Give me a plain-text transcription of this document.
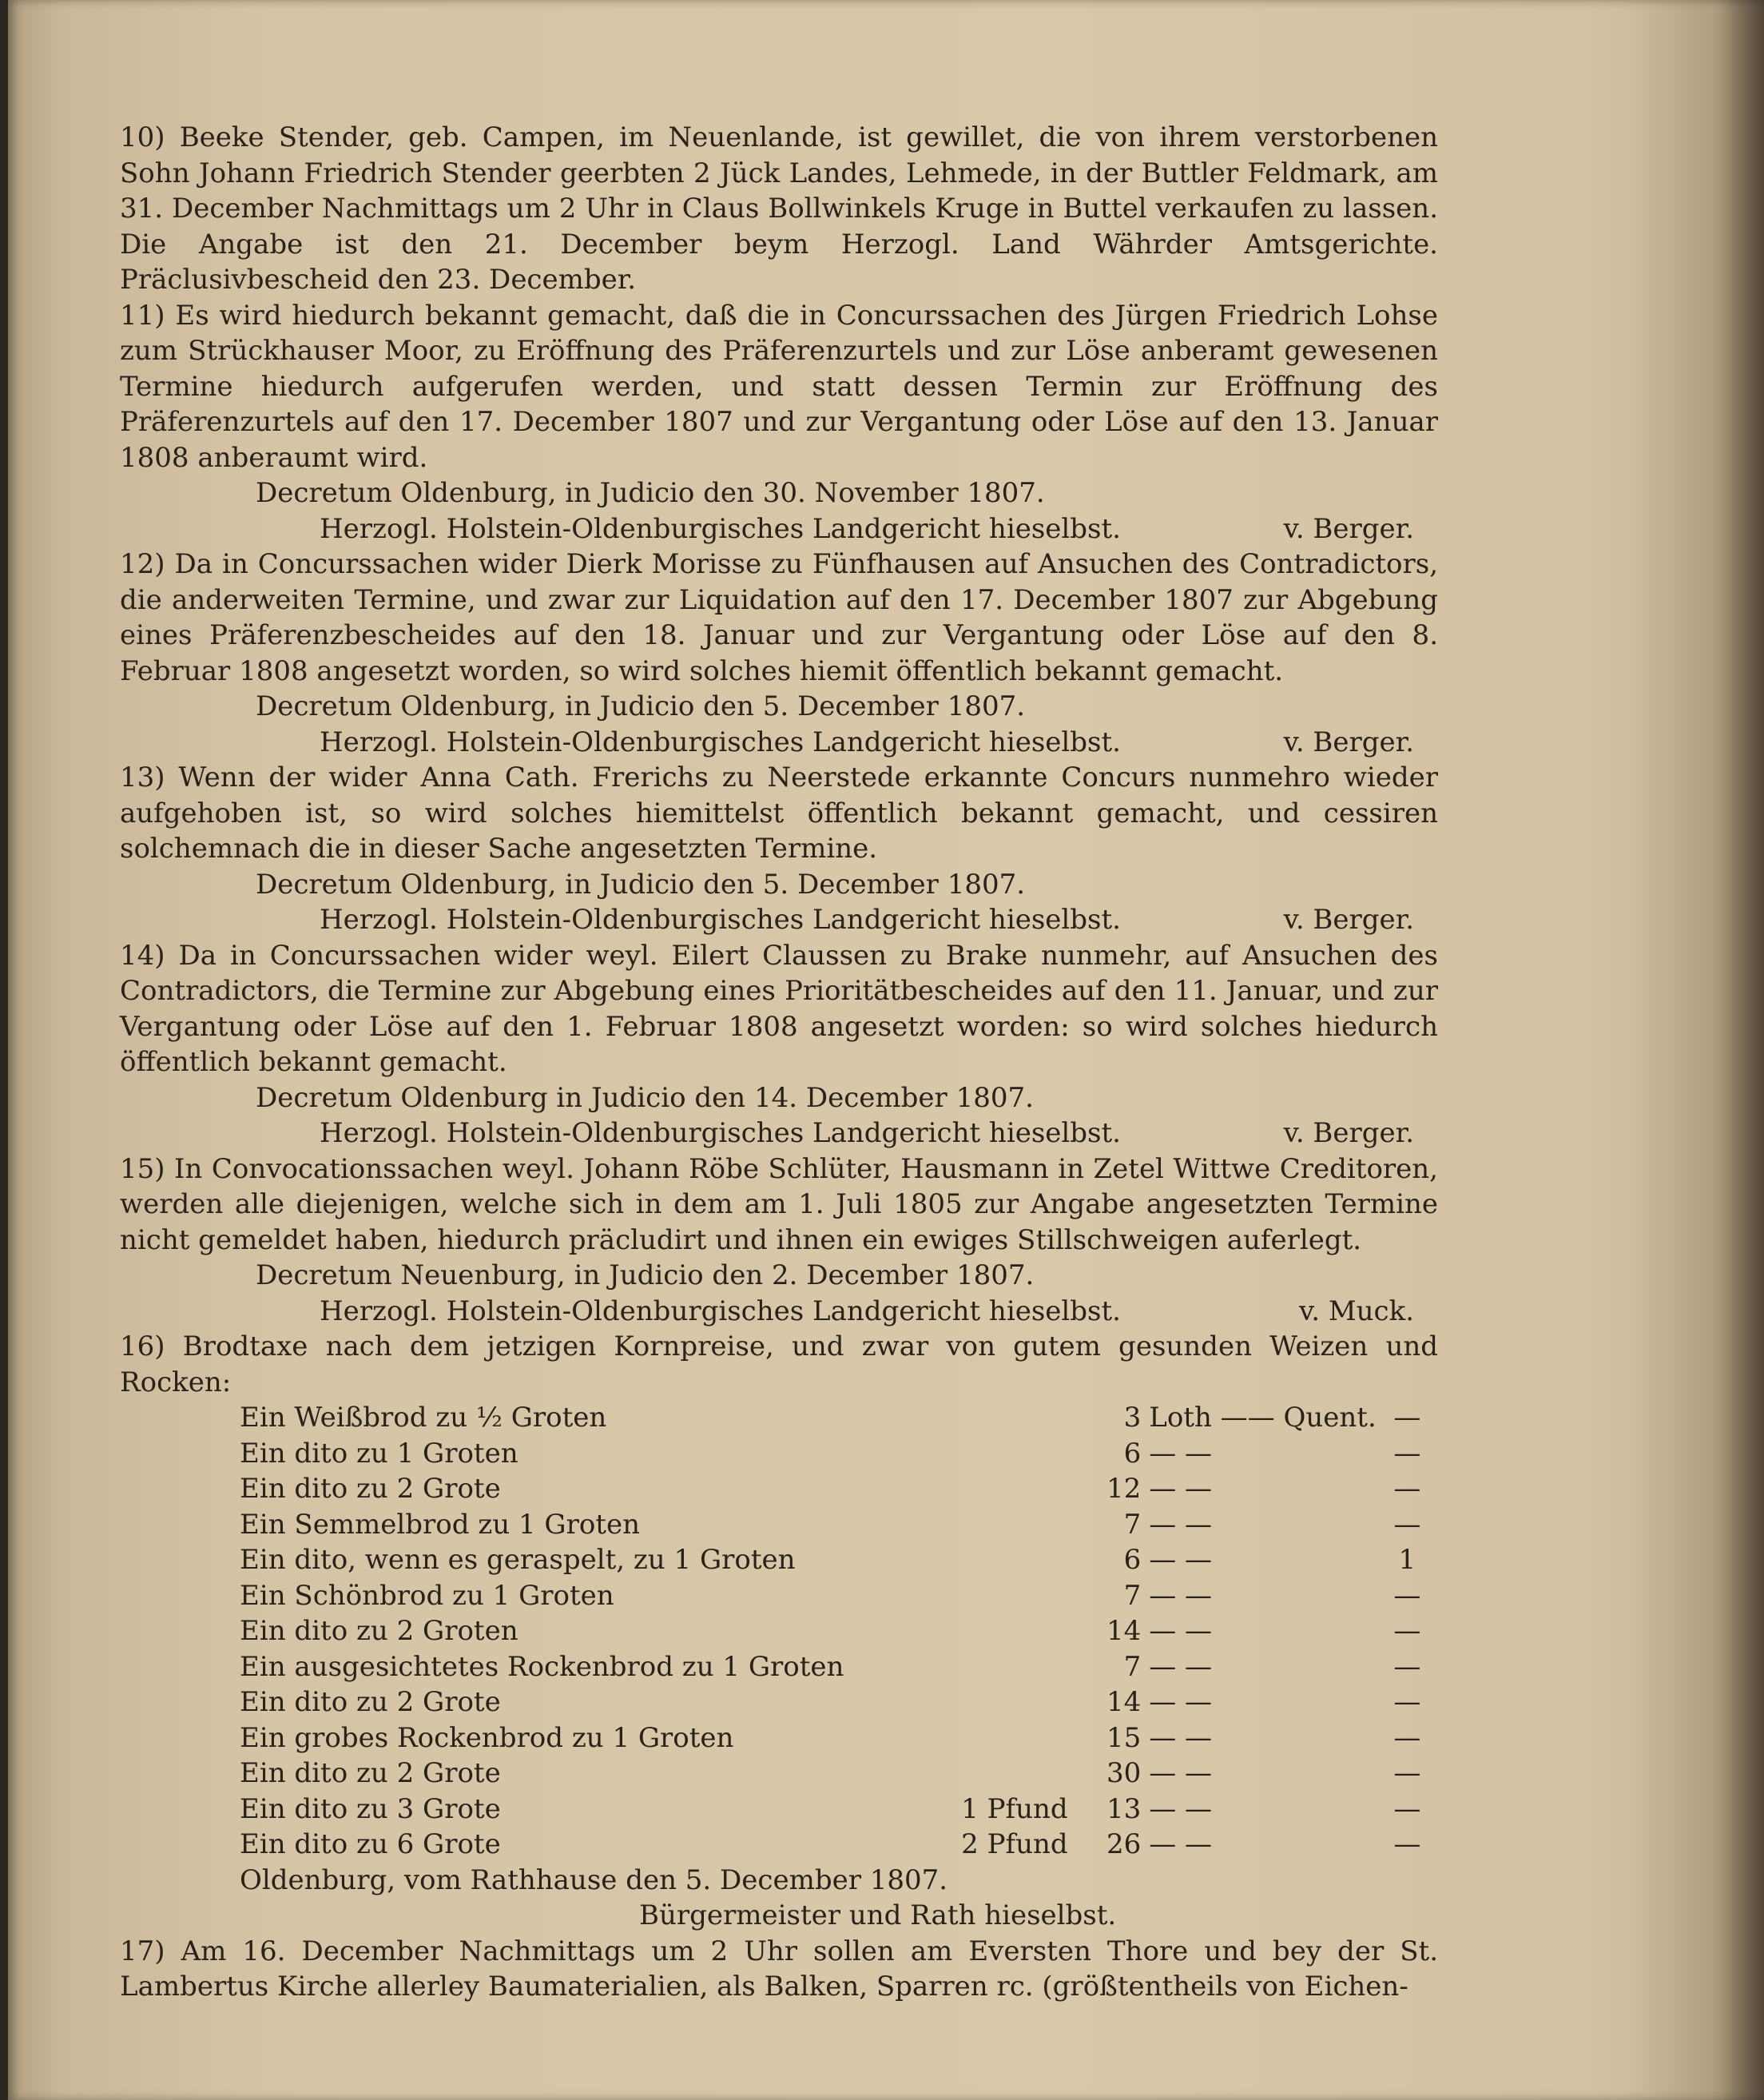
10) Beeke Stender, geb. Campen, im Neuenlande, ist gewillet, die von ihrem verstorbenen Sohn Johann Friedrich Stender geerbten 2 Jück Landes, Lehmede, in der Buttler Feldmark, am 31. December Nachmittags um 2 Uhr in Claus Bollwinkels Kruge in Buttel verkaufen zu lassen. Die Angabe ist den 21. December beym Herzogl. Land Währder Amtsgerichte. Präclusivbescheid den 23. December.

11) Es wird hiedurch bekannt gemacht, daß die in Concurssachen des Jürgen Friedrich Lohse zum Strückhauser Moor, zu Eröffnung des Präferenzurtels und zur Löse anberamt gewesenen Termine hiedurch aufgerufen werden, und statt dessen Termin zur Eröffnung des Präferenzurtels auf den 17. December 1807 und zur Vergantung oder Löse auf den 13. Januar 1808 anberaumt wird.
Decretum Oldenburg, in Judicio den 30. November 1807.

Herzogl. Holstein-Oldenburgisches Landgericht hieselbst.	v. Berger.

12) Da in Concurssachen wider Dierk Morisse zu Fünfhausen auf Ansuchen des Contradictors, die anderweiten Termine, und zwar zur Liquidation auf den 17. December 1807 zur Abgebung eines Präferenzbescheides auf den 18. Januar und zur Vergantung oder Löse auf den 8. Februar 1808 angesetzt worden, so wird solches hiemit öffentlich bekannt gemacht.
Decretum Oldenburg, in Judicio den 5. December 1807.

Herzogl. Holstein-Oldenburgisches Landgericht hieselbst.	v. Berger.

13) Wenn der wider Anna Cath. Frerichs zu Neerstede erkannte Concurs nunmehro wieder aufgehoben ist, so wird solches hiemittelst öffentlich bekannt gemacht, und cessiren solchemnach die in dieser Sache angesetzten Termine.
Decretum Oldenburg, in Judicio den 5. December 1807.

Herzogl. Holstein-Oldenburgisches Landgericht hieselbst.	v. Berger.

14) Da in Concurssachen wider weyl. Eilert Claussen zu Brake nunmehr, auf Ansuchen des Contradictors, die Termine zur Abgebung eines Prioritätbescheides auf den 11. Januar, und zur Vergantung oder Löse auf den 1. Februar 1808 angesetzt worden: so wird solches hiedurch öffentlich bekannt gemacht.
Decretum Oldenburg in Judicio den 14. December 1807.

Herzogl. Holstein-Oldenburgisches Landgericht hieselbst.	v. Berger.

15) In Convocationssachen weyl. Johann Röbe Schlüter, Hausmann in Zetel Wittwe Creditoren, werden alle diejenigen, welche sich in dem am 1. Juli 1805 zur Angabe angesetzten Termine nicht gemeldet haben, hiedurch präcludirt und ihnen ein ewiges Stillschweigen auferlegt.
Decretum Neuenburg, in Judicio den 2. December 1807.

Herzogl. Holstein-Oldenburgisches Landgericht hieselbst.	v. Muck.

16) Brodtaxe nach dem jetzigen Kornpreise, und zwar von gutem gesunden Weizen und Rocken:

Ein Weißbrod zu ½ Groten		3	Loth —— Quent.	—
Ein dito zu 1 Groten		6	— —	—
Ein dito zu 2 Grote		12	— —	—
Ein Semmelbrod zu 1 Groten		7	— —	—
Ein dito, wenn es geraspelt, zu 1 Groten		6	— —	1
Ein Schönbrod zu 1 Groten		7	— —	—
Ein dito zu 2 Groten		14	— —	—
Ein ausgesichtetes Rockenbrod zu 1 Groten		7	— —	—
Ein dito zu 2 Grote		14	— —	—
Ein grobes Rockenbrod zu 1 Groten		15	— —	—
Ein dito zu 2 Grote		30	— —	—
Ein dito zu 3 Grote	1 Pfund	13	— —	—
Ein dito zu 6 Grote	2 Pfund	26	— —	—
Oldenburg, vom Rathhause den 5. December 1807.
Bürgermeister und Rath hieselbst.

17) Am 16. December Nachmittags um 2 Uhr sollen am Eversten Thore und bey der St. Lambertus Kirche allerley Baumaterialien, als Balken, Sparren rc. (größtentheils von Eichen-
